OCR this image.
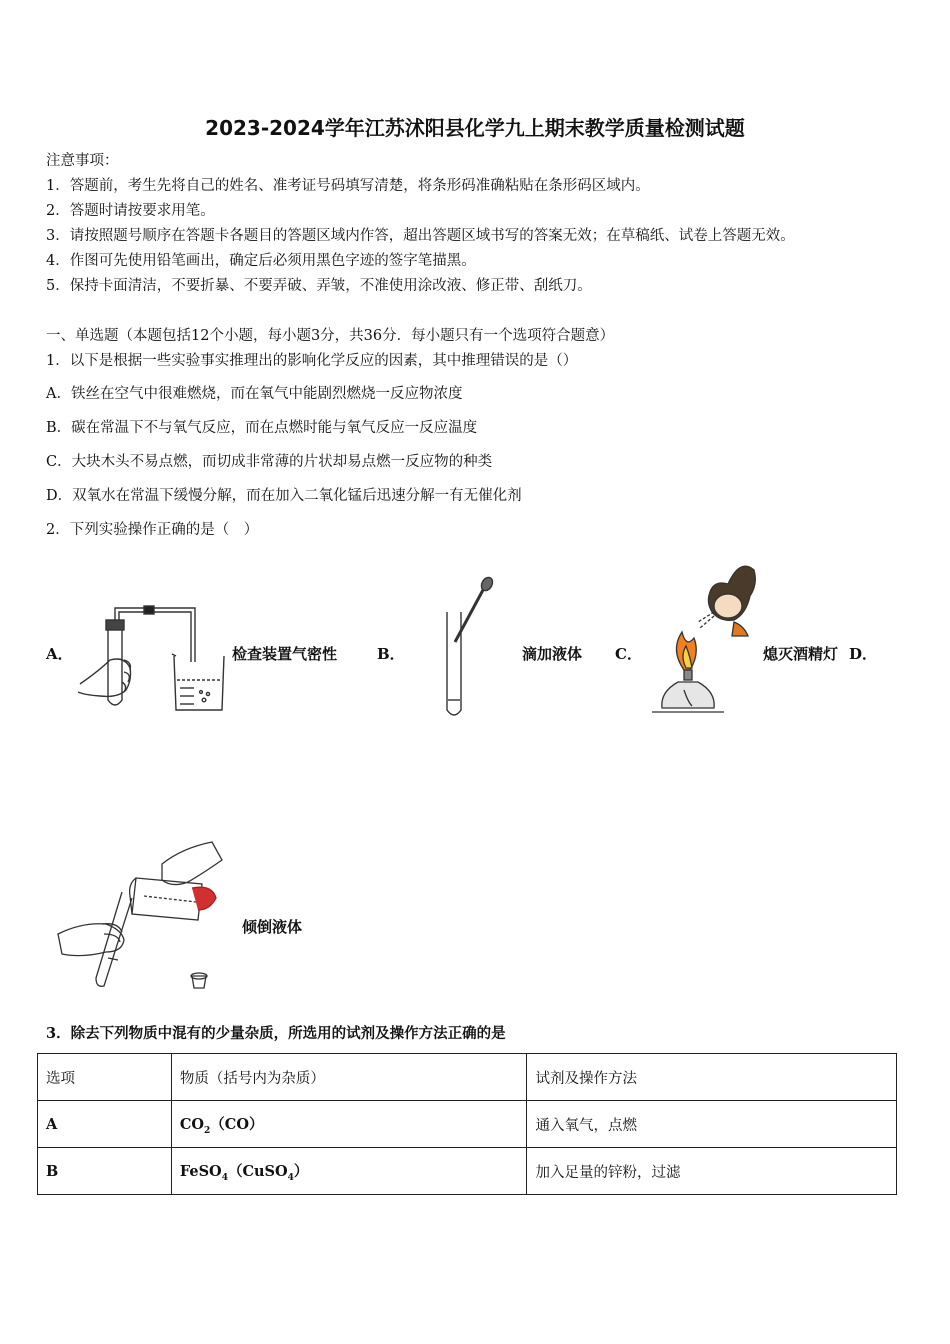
2023-2024学年江苏沭阳县化学九上期末教学质量检测试题
注意事项：
1．答题前，考生先将自己的姓名、准考证号码填写清楚，将条形码准确粘贴在条形码区域内。
2．答题时请按要求用笔。
3．请按照题号顺序在答题卡各题目的答题区域内作答，超出答题区域书写的答案无效；在草稿纸、试卷上答题无效。
4．作图可先使用铅笔画出，确定后必须用黑色字迹的签字笔描黑。
5．保持卡面清洁，不要折暴、不要弄破、弄皱，不准使用涂改液、修正带、刮纸刀。
一、单选题（本题包括12个小题，每小题3分，共36分．每小题只有一个选项符合题意）
1．以下是根据一些实验事实推理出的影响化学反应的因素，其中推理错误的是（）
A．铁丝在空气中很难燃烧，而在氧气中能剧烈燃烧一反应物浓度
B．碳在常温下不与氧气反应，而在点燃时能与氧气反应一反应温度
C．大块木头不易点燃，而切成非常薄的片状却易点燃一反应物的种类
D．双氧水在常温下缓慢分解，而在加入二氧化锰后迅速分解一有无催化剂
2．下列实验操作正确的是（　）
A．	检查装置气密性	B．	滴加液体 C．	熄灭酒精灯 D．
倾倒液体
3．除去下列物质中混有的少量杂质，所选用的试剂及操作方法正确的是
选项	物质（括号内为杂质）	试剂及操作方法
A	$CO_2(CO)$	通入氧气，点燃
B	FeSO$_4$（CuSO$_4$）	加入足量的锌粉，过滤
